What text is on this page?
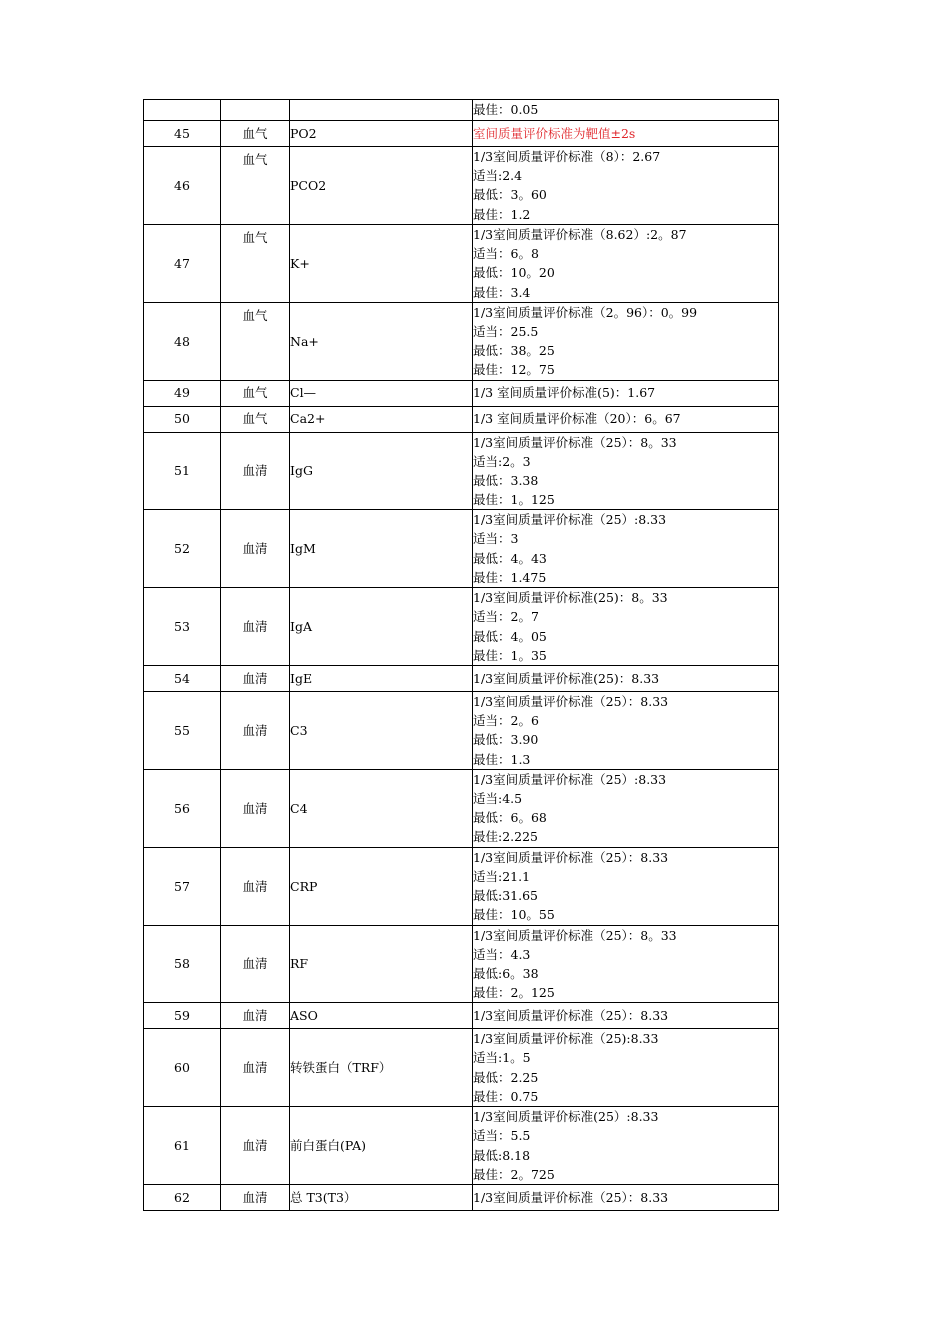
			最佳：0.05

45	血气	PO2	室间质量评价标准为靶值±2s

46	血气	PCO2	1/3室间质量评价标准（8）：2.67
适当:2.4
最低：3。60
最佳：1.2

47	血气	K+	1/3室间质量评价标准（8.62）:2。87
适当：6。8
最低：10。20
最佳：3.4

48	血气	Na+	1/3室间质量评价标准（2。96）：0。99
适当：25.5
最低：38。25
最佳：12。75

49	血气	Cl—	1/3 室间质量评价标准(5)：1.67

50	血气	Ca2+	1/3 室间质量评价标准（20）：6。67

51	血清	IgG	1/3室间质量评价标准（25）：8。33
适当:2。3
最低：3.38
最佳：1。125

52	血清	IgM	1/3室间质量评价标准（25）:8.33
适当：3
最低：4。43
最佳：1.475

53	血清	IgA	1/3室间质量评价标准(25)：8。33
适当：2。7
最低：4。05
最佳：1。35

54	血清	IgE	1/3室间质量评价标准(25)：8.33

55	血清	C3	1/3室间质量评价标准（25）：8.33
适当：2。6
最低：3.90
最佳：1.3

56	血清	C4	1/3室间质量评价标准（25）:8.33
适当:4.5
最低：6。68
最佳:2.225

57	血清	CRP	1/3室间质量评价标准（25）：8.33
适当:21.1
最低:31.65
最佳：10。55

58	血清	RF	1/3室间质量评价标准（25）：8。33
适当：4.3
最低:6。38
最佳：2。125

59	血清	ASO	1/3室间质量评价标准（25）：8.33

60	血清	转铁蛋白（TRF）	1/3室间质量评价标准（25):8.33
适当:1。5
最低：2.25
最佳：0.75

61	血清	前白蛋白(PA)	1/3室间质量评价标准(25）:8.33
适当：5.5
最低:8.18
最佳：2。725

62	血清	总 T3(T3）	1/3室间质量评价标准（25）：8.33
